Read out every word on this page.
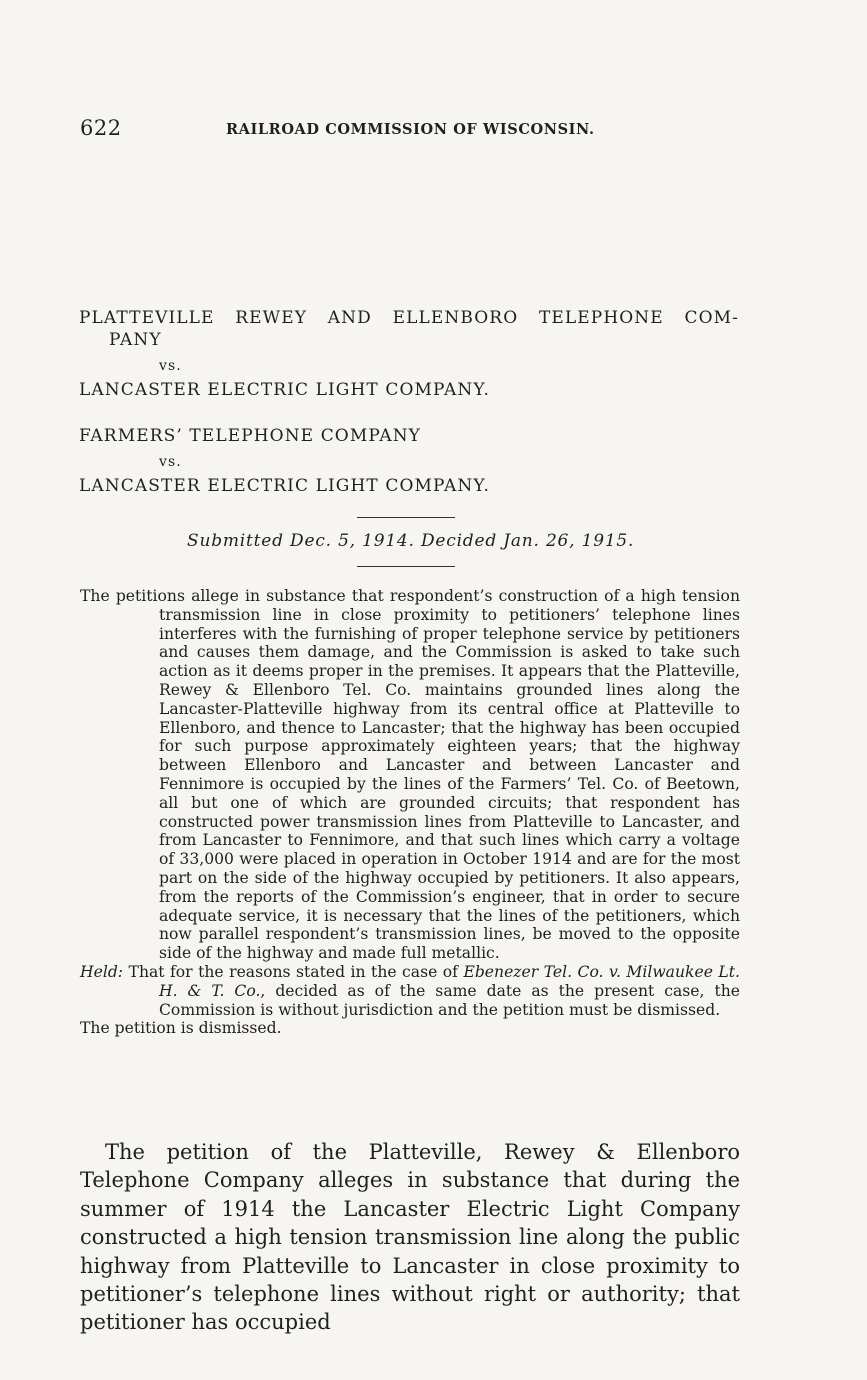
622	RAILROAD COMMISSION OF WISCONSIN.
PLATTEVILLE REWEY AND ELLENBORO TELEPHONE COM-
PANY
vs.
LANCASTER ELECTRIC LIGHT COMPANY.
FARMERS’ TELEPHONE COMPANY
vs.
LANCASTER ELECTRIC LIGHT COMPANY.
Submitted Dec. 5, 1914. Decided Jan. 26, 1915.

The petitions allege in substance that respondent’s construction of a high tension transmission line in close proximity to petitioners’ telephone lines interferes with the furnishing of proper telephone service by petitioners and causes them damage, and the Commission is asked to take such action as it deems proper in the premises. It appears that the Platteville, Rewey & Ellenboro Tel. Co. maintains grounded lines along the Lancaster-Platteville highway from its central office at Platteville to Ellenboro, and thence to Lancaster; that the highway has been occupied for such purpose approximately eighteen years; that the highway between Ellenboro and Lancaster and between Lancaster and Fennimore is occupied by the lines of the Farmers’ Tel. Co. of Beetown, all but one of which are grounded circuits; that respondent has constructed power transmission lines from Platteville to Lancaster, and from Lancaster to Fennimore, and that such lines which carry a voltage of 33,000 were placed in operation in October 1914 and are for the most part on the side of the highway occupied by petitioners. It also appears, from the reports of the Commission’s engineer, that in order to secure adequate service, it is necessary that the lines of the petitioners, which now parallel respondent’s transmission lines, be moved to the opposite side of the highway and made full metallic.

Held: That for the reasons stated in the case of Ebenezer Tel. Co. v. Milwaukee Lt. H. & T. Co., decided as of the same date as the present case, the Commission is without jurisdiction and the petition must be dismissed.

The petition is dismissed.

The petition of the Platteville, Rewey & Ellenboro Telephone Company alleges in substance that during the summer of 1914 the Lancaster Electric Light Company constructed a high tension transmission line along the public highway from Platteville to Lancaster in close proximity to petitioner’s telephone lines without right or authority; that petitioner has occupied
